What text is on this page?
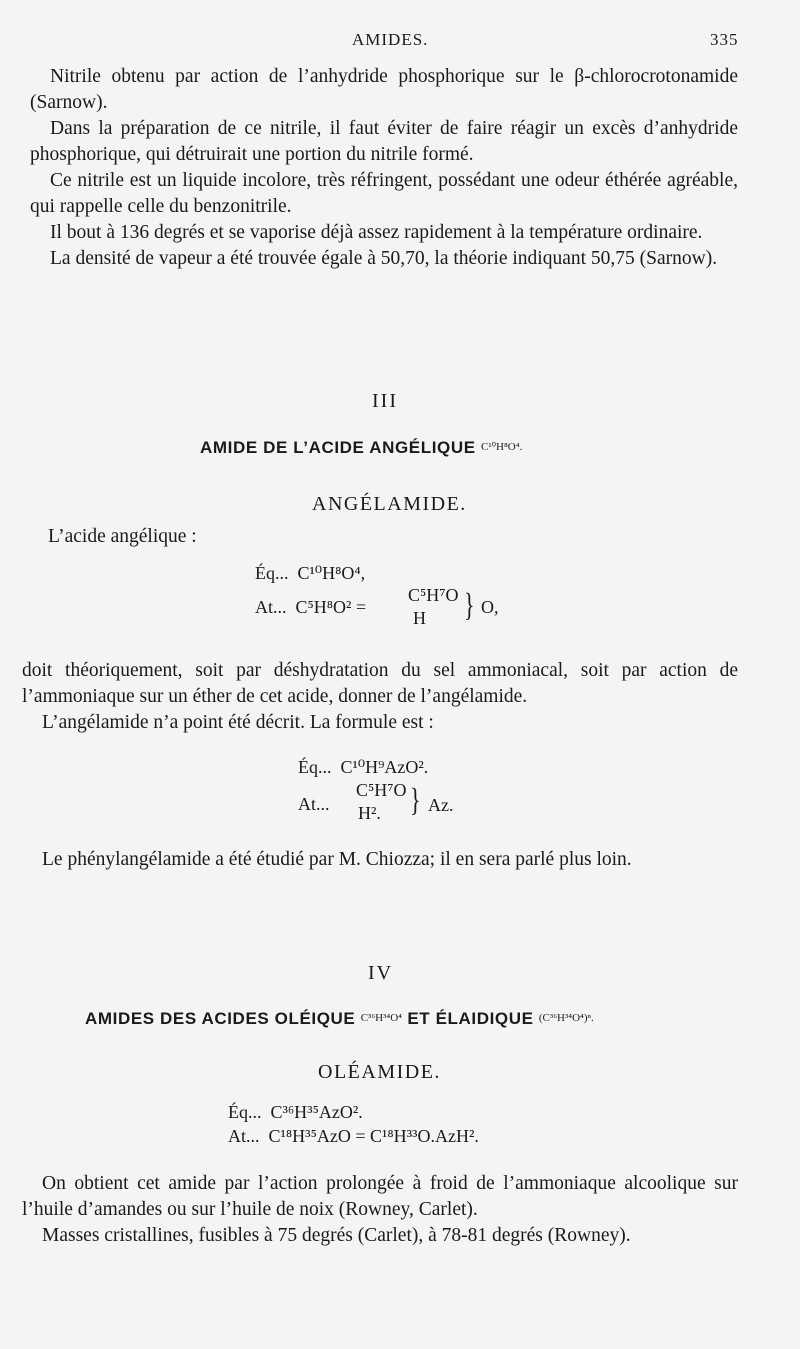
AMIDES.	335

Nitrile obtenu par action de l’anhydride phosphorique sur le β-chlorocrotonamide (Sarnow).

Dans la préparation de ce nitrile, il faut éviter de faire réagir un excès d’anhydride phosphorique, qui détruirait une portion du nitrile formé.

Ce nitrile est un liquide incolore, très réfringent, possédant une odeur éthérée agréable, qui rappelle celle du benzonitrile.

Il bout à 136 degrés et se vaporise déjà assez rapidement à la température ordinaire.

La densité de vapeur a été trouvée égale à 50,70, la théorie indiquant 50,75 (Sarnow).

III
AMIDE DE L’ACIDE ANGÉLIQUE C¹⁰H⁸O⁴.
ANGÉLAMIDE.
L’acide angélique :
Éq... C¹⁰H⁸O⁴,
At... C⁵H⁸O² =
C⁵H⁷O
H } O,

doit théoriquement, soit par déshydratation du sel ammoniacal, soit par action de l’ammoniaque sur un éther de cet acide, donner de l’angélamide.

L’angélamide n’a point été décrit. La formule est :

Éq... C¹⁰H⁹AzO².
At...
C⁵H⁷O
H². } Az.

Le phénylangélamide a été étudié par M. Chiozza; il en sera parlé plus loin.

IV
AMIDES DES ACIDES OLÉIQUE C³⁶H³⁴O⁴ ET ÉLAIDIQUE (C³⁶H³⁴O⁴)ⁿ.
OLÉAMIDE.
Éq... C³⁶H³⁵AzO².
At... C¹⁸H³⁵AzO = C¹⁸H³³O.AzH².

On obtient cet amide par l’action prolongée à froid de l’ammoniaque alcoolique sur l’huile d’amandes ou sur l’huile de noix (Rowney, Carlet).

Masses cristallines, fusibles à 75 degrés (Carlet), à 78-81 degrés (Rowney).
